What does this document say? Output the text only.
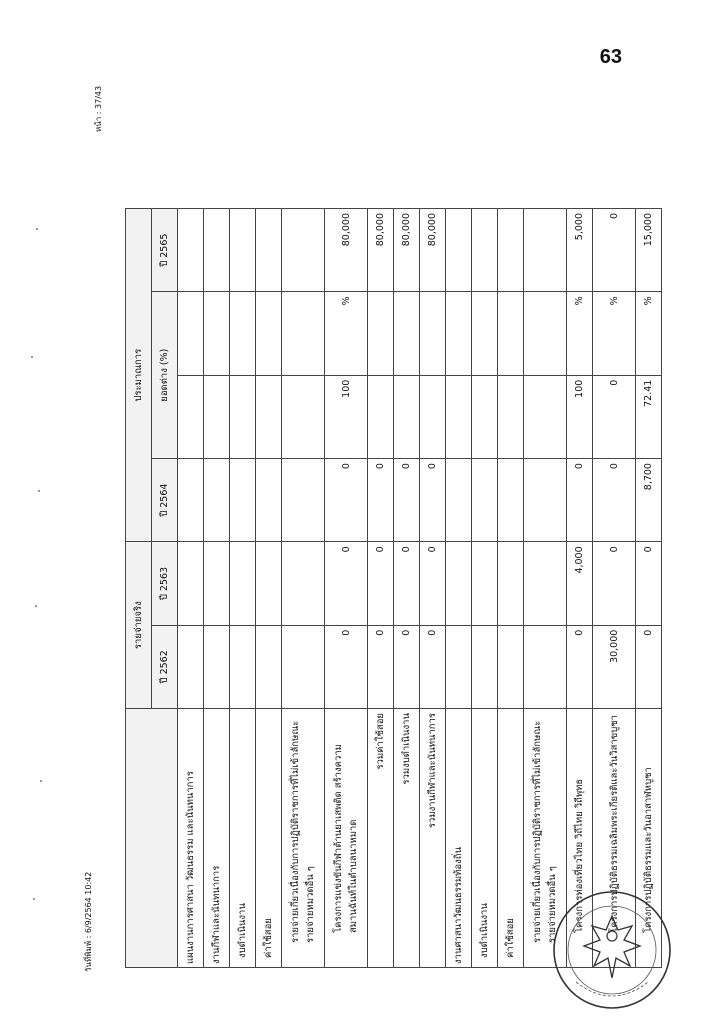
63
หน้า : 37/43
วันที่พิมพ์ : 6/9/2564 10:42
	รายจ่ายจริง		ประมาณการ			
	ปี 2562	ปี 2563	ปี 2564	ยอดต่าง (%)		ปี 2565
แผนงานการศาสนา วัฒนธรรม และนันทนาการ						
งานกีฬาและนันทนาการ						
งบดำเนินงาน						
ค่าใช้สอย						
รายจ่ายเกี่ยวเนื่องกับการปฏิบัติราชการที่ไม่เข้าลักษณะรายจ่ายหมวดอื่น ๆ						
โครงการแข่งขันกีฬาต้านยาเสพติด สร้างความสมานฉันท์ในตำบลนาหมาด	0	0	0	100	%	80,000
รวมค่าใช้สอย	0	0	0			80,000
รวมงบดำเนินงาน	0	0	0			80,000
รวมงานกีฬาและนันทนาการ	0	0	0			80,000
งานศาสนาวัฒนธรรมท้องถิ่น						
งบดำเนินงาน						
ค่าใช้สอย						
รายจ่ายเกี่ยวเนื่องกับการปฏิบัติราชการที่ไม่เข้าลักษณะรายจ่ายหมวดอื่น ๆ						
โครงการท่องเที่ยวไทย วิถีไทย วิถีพุทธ	0	4,000	0	100	%	5,000
โครงการปฏิบัติธรรมเฉลิมพระเกียรติและวันวิสาขบูชา	30,000	0	0	0	%	0
โครงการปฏิบัติธรรมและวันอาสาฬหบูชา	0	0	8,700	72.41	%	15,000
